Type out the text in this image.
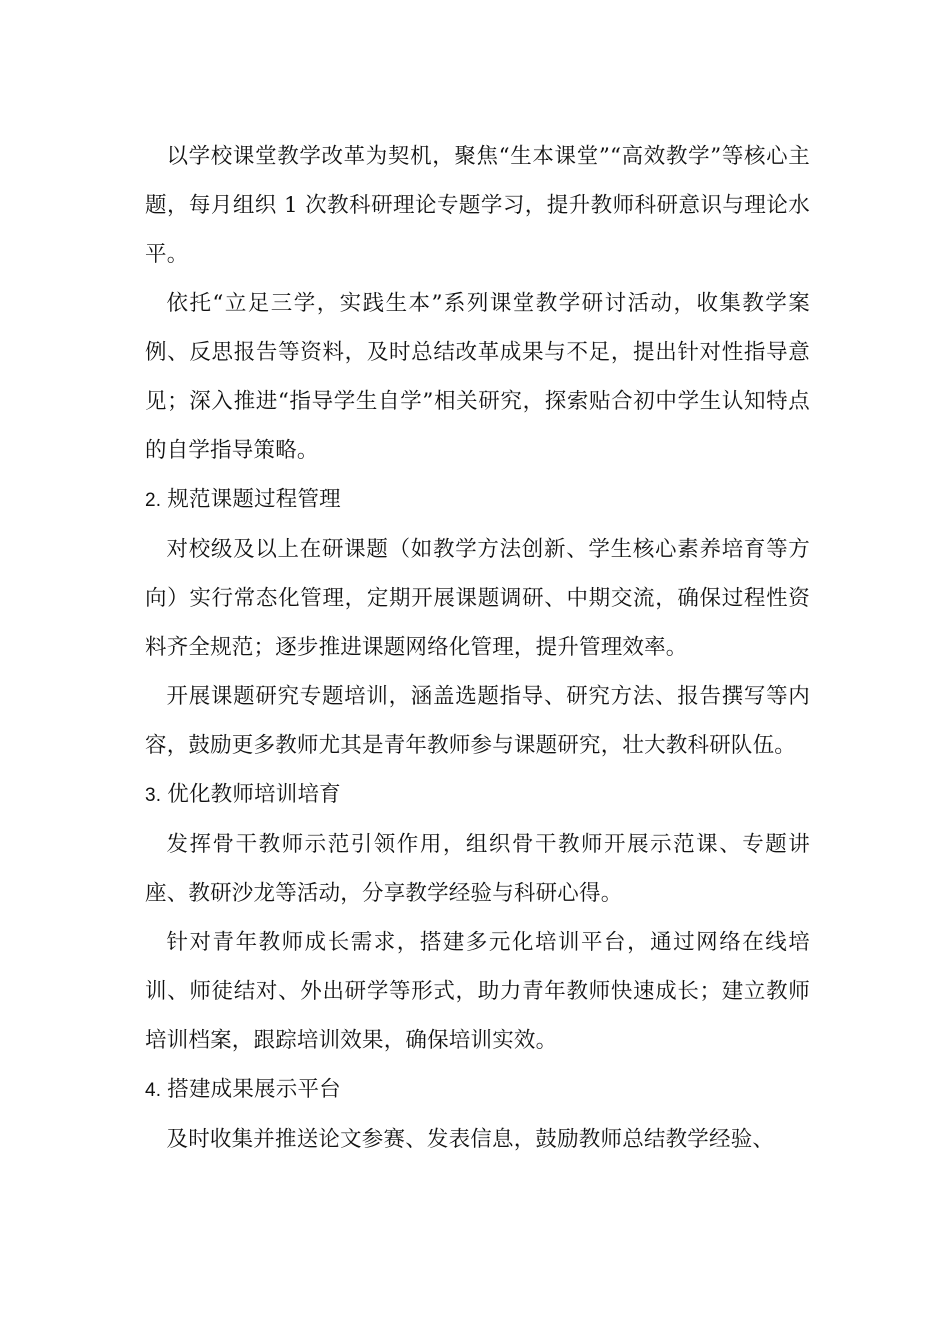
以学校课堂教学改革为契机，聚焦“生本课堂”“高效教学”等核心主题，每月组织 1 次教科研理论专题学习，提升教师科研意识与理论水平。

依托“立足三学，实践生本”系列课堂教学研讨活动，收集教学案例、反思报告等资料，及时总结改革成果与不足，提出针对性指导意见；深入推进“指导学生自学”相关研究，探索贴合初中学生认知特点的自学指导策略。

2. 规范课题过程管理

对校级及以上在研课题（如教学方法创新、学生核心素养培育等方向）实行常态化管理，定期开展课题调研、中期交流，确保过程性资料齐全规范；逐步推进课题网络化管理，提升管理效率。

开展课题研究专题培训，涵盖选题指导、研究方法、报告撰写等内容，鼓励更多教师尤其是青年教师参与课题研究，壮大教科研队伍。

3. 优化教师培训培育

发挥骨干教师示范引领作用，组织骨干教师开展示范课、专题讲座、教研沙龙等活动，分享教学经验与科研心得。

针对青年教师成长需求，搭建多元化培训平台，通过网络在线培训、师徒结对、外出研学等形式，助力青年教师快速成长；建立教师培训档案，跟踪培训效果，确保培训实效。

4. 搭建成果展示平台

及时收集并推送论文参赛、发表信息，鼓励教师总结教学经验、
